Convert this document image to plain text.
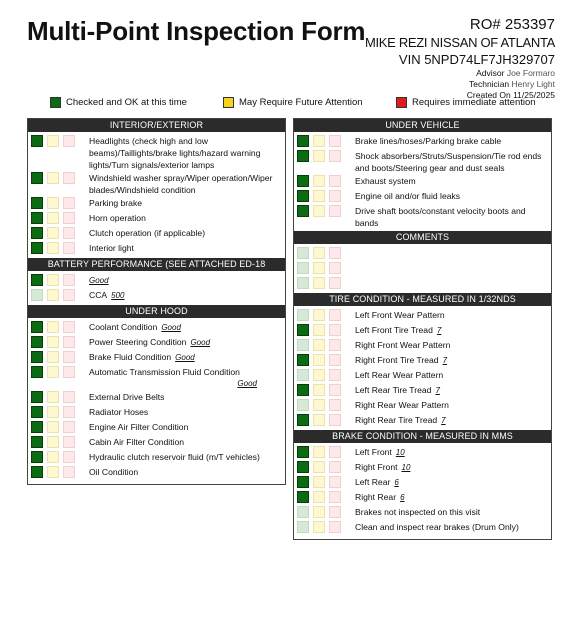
Multi-Point Inspection Form	RO# 253397
MIKE REZI NISSAN OF ATLANTA
VIN 5NPD74LF7JH329707
Advisor Joe Formaro
Technician Henry Light
Created On 11/25/2025
Checked and OK at this time	May Require Future Attention	Requires immediate attention
INTERIOR/EXTERIOR
Headlights (check high and low beams)/Taillights/brake lights/hazard warning lights/Turn signals/exterior lamps
Windshield washer spray/Wiper operation/Wiper blades/Windshield condition
Parking brake
Horn operation
Clutch operation (if applicable)
Interior light
BATTERY PERFORMANCE (SEE ATTACHED ED-18 PRINTOUT)
Good
CCA 500
UNDER HOOD
Coolant Condition Good
Power Steering Condition Good
Brake Fluid Condition Good
Automatic Transmission Fluid Condition
Good
External Drive Belts
Radiator Hoses
Engine Air Filter Condition
Cabin Air Filter Condition
Hydraulic clutch reservoir fluid (m/T vehicles)
Oil Condition
UNDER VEHICLE
Brake lines/hoses/Parking brake cable
Shock absorbers/Struts/Suspension/Tie rod ends and boots/Steering gear and dust seals
Exhaust system
Engine oil and/or fluid leaks
Drive shaft boots/constant velocity boots and bands
COMMENTS
TIRE CONDITION - MEASURED IN 1/32NDS
Left Front Wear Pattern
Left Front Tire Tread 7
Right Front Wear Pattern
Right Front Tire Tread 7
Left Rear Wear Pattern
Left Rear Tire Tread 7
Right Rear Wear Pattern
Right Rear Tire Tread 7
BRAKE CONDITION - MEASURED IN MMS
Left Front 10
Right Front 10
Left Rear 6
Right Rear 6
Brakes not inspected on this visit
Clean and inspect rear brakes (Drum Only)
